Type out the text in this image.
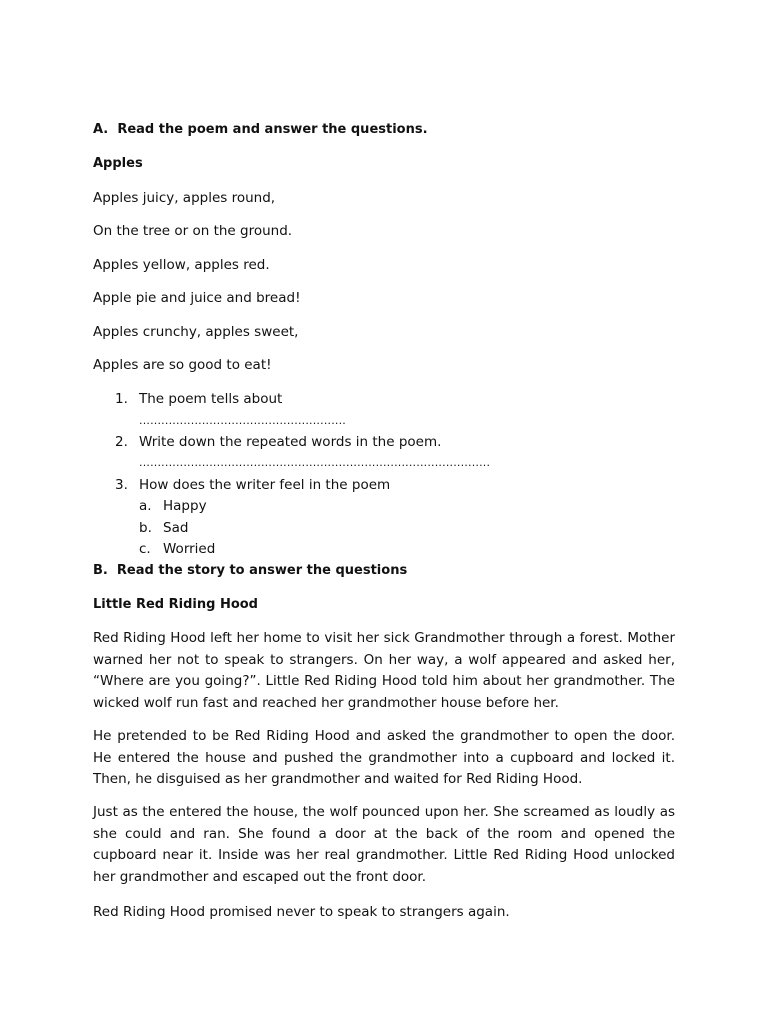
A. Read the poem and answer the questions.
Apples
Apples juicy, apples round,
On the tree or on the ground.
Apples yellow, apples red.
Apple pie and juice and bread!
Apples crunchy, apples sweet,
Apples are so good to eat!
1. The poem tells about
........................................................
2. Write down the repeated words in the poem.
...............................................................................................
3. How does the writer feel in the poem
a. Happy
b. Sad
c. Worried
B. Read the story to answer the questions
Little Red Riding Hood
Red Riding Hood left her home to visit her sick Grandmother through a forest. Mother warned her not to speak to strangers. On her way, a wolf appeared and asked her, “Where are you going?”. Little Red Riding Hood told him about her grandmother. The wicked wolf run fast and reached her grandmother house before her.
He pretended to be Red Riding Hood and asked the grandmother to open the door. He entered the house and pushed the grandmother into a cupboard and locked it. Then, he disguised as her grandmother and waited for Red Riding Hood.
Just as the entered the house, the wolf pounced upon her. She screamed as loudly as she could and ran. She found a door at the back of the room and opened the cupboard near it. Inside was her real grandmother. Little Red Riding Hood unlocked her grandmother and escaped out the front door.
Red Riding Hood promised never to speak to strangers again.
